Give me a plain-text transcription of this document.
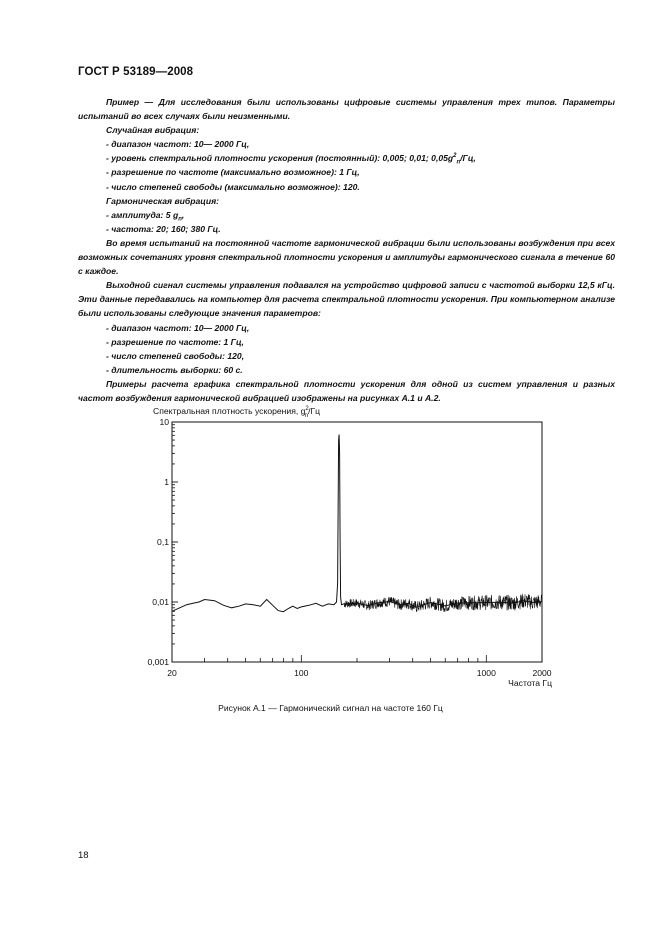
ГОСТ Р 53189—2008

Пример — Для исследования были использованы цифровые системы управления трех типов. Параметры испытаний во всех случаях были неизменными.

Случайная вибрация:

- диапазон частот: 10— 2000 Гц,

- уровень спектральной плотности ускорения (постоянный): 0,005; 0,01; $0,05g^2_n/Гц$,

- разрешение по частоте (максимально возможное): 1 Гц,

- число степеней свободы (максимально возможное): 120.

Гармоническая вибрация:

- амплитуда: 5 $g_n$,

- частота: 20; 160; 380 Гц.

Во время испытаний на постоянной частоте гармонической вибрации были использованы возбуждения при всех возможных сочетаниях уровня спектральной плотности ускорения и амплитуды гармонического сигнала в течение 60 с каждое.

Выходной сигнал системы управления подавался на устройство цифровой записи с частотой выборки 12,5 кГц. Эти данные передавались на компьютер для расчета спектральной плотности ускорения. При компьютерном анализе были использованы следующие значения параметров:

- диапазон частот: 10— 2000 Гц,

- разрешение по частоте: 1 Гц,

- число степеней свободы: 120,

- длительность выборки: 60 с.

Примеры расчета графика спектральной плотности ускорения для одной из систем управления и разных частот возбуждения гармонической вибрацией изображены на рисунках А.1 и А.2.

Спектральная плотность ускорения, $g^2$ n/Гц
20	100	1000	2000
10
1
0,1
0,01
0,001
Частота Гц
Рисунок А.1 — Гармонический сигнал на частоте 160 Гц
18
